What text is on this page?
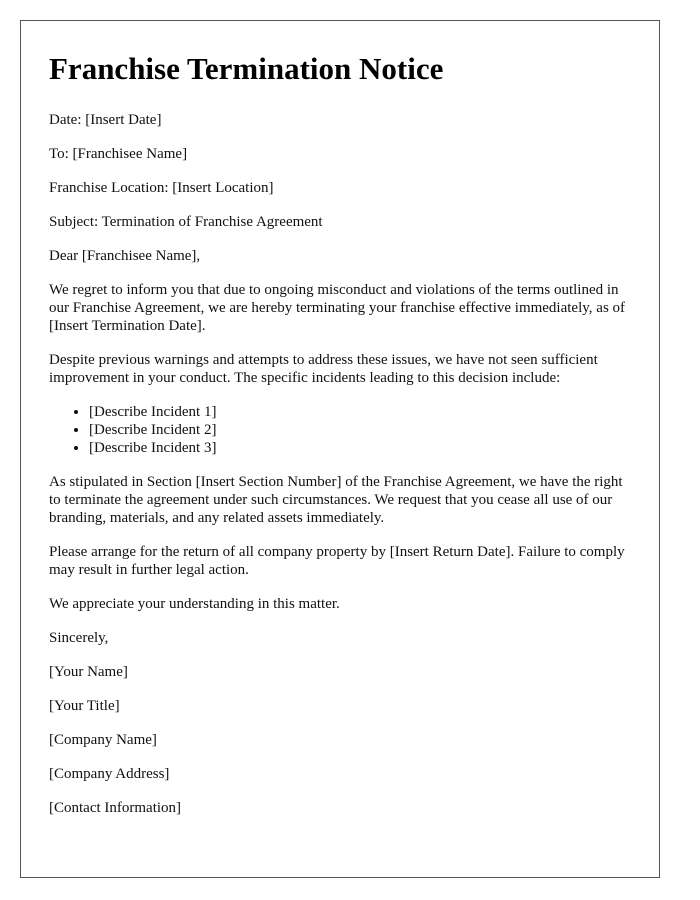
Franchise Termination Notice

Date: [Insert Date]

To: [Franchisee Name]

Franchise Location: [Insert Location]

Subject: Termination of Franchise Agreement

Dear [Franchisee Name],

We regret to inform you that due to ongoing misconduct and violations of the terms outlined in our Franchise Agreement, we are hereby terminating your franchise effective immediately, as of [Insert Termination Date].

Despite previous warnings and attempts to address these issues, we have not seen sufficient improvement in your conduct. The specific incidents leading to this decision include:

• [Describe Incident 1]
• [Describe Incident 2]
• [Describe Incident 3]

As stipulated in Section [Insert Section Number] of the Franchise Agreement, we have the right to terminate the agreement under such circumstances. We request that you cease all use of our branding, materials, and any related assets immediately.

Please arrange for the return of all company property by [Insert Return Date]. Failure to comply may result in further legal action.

We appreciate your understanding in this matter.

Sincerely,

[Your Name]

[Your Title]

[Company Name]

[Company Address]

[Contact Information]
